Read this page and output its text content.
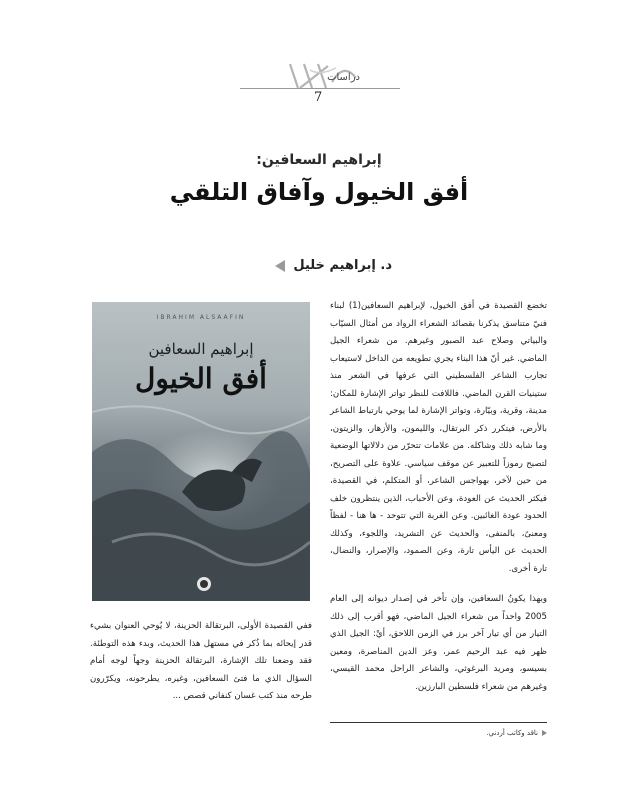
دراسات
7
إبراهيم السعافين:
أفق الخيول وآفاق التلقي
د. إبراهيم خليل
IBRAHIM ALSAAFIN
إبراهيم السعافين
أفق الخيول

تخضع القصيدة في أفق الخيول، لإبراهيم السعافين(1) لبناء فنيّ متناسق يذكرنا بقصائد الشعراء الرواد من أمثال السيّاب والبياتي وصلاح عبد الصبور وغيرهم. من شعراء الجيل الماضي. غير أنّ هذا البناء يجري تطويعه من الداخل لاستيعاب تجارب الشاعر الفلسطيني التي عرفها في الشعر منذ ستينيات القرن الماضي. فاللافت للنظر تواتر الإشارة للمكان: مدينة، وقرية، وبيّارة، وتواتر الإشارة لما يوحي بارتباط الشاعر بالأرض، فيتكرر ذكر البرتقال، والليمون، والأزهار، والزيتون، وما شابه ذلك وشاكله. من علامات تتحرّر من دلالاتها الوضعية لتصبح رموزاً للتعبير عن موقف سياسي. علاوة على التصريح، من حين لآخر، بهواجس الشاعر، أو المتكلم، في القصيدة، فيكثر الحديث عن العودة، وعن الأحباب، الذين ينتظرون خلف الحدود عودة الغائبين. وعن الغربة التي تتوحد - ها هنا - لفظاً ومعنىً، بالمنفى، والحديث عن التشريد، واللجوء، وكذلك الحديث عن اليأس تارة، وعن الصمود، والإصرار، والنضال، تارة أخرى.

وبهذا يكونُ السعافين، وإن تأخر في إصدار ديوانه إلى العام 2005 واحداً من شعراء الجيل الماضي، فهو أقرب إلى ذلك التيار من أي تيار آخر برز في الزمن اللاحق، أيْ: الجيل الذي ظهر فيه عبد الرحيم عمر، وعز الدين المناصرة، ومعين بسيسو، ومريد البرغوثي، والشاعر الراحل محمد القيسي، وغيرهم من شعراء فلسطين البارزين.

ففي القصيدة الأولى، البرتقالة الحزينة، لا يُوحي العنوان بشيء قدر إيحائه بما ذُكر في مستهل هذا الحديث، وبدء هذه التوطئة. فقد وضعنا تلك الإشارة، البرتقالة الحزينة وجهاً لوجه أمام السؤال الذي ما فتئ السعافين، وغيره، يطرحونه، ويكرّرون طرحه منذ كتب غسان كنفاني قصص ...

ناقد وكاتب أردني.
